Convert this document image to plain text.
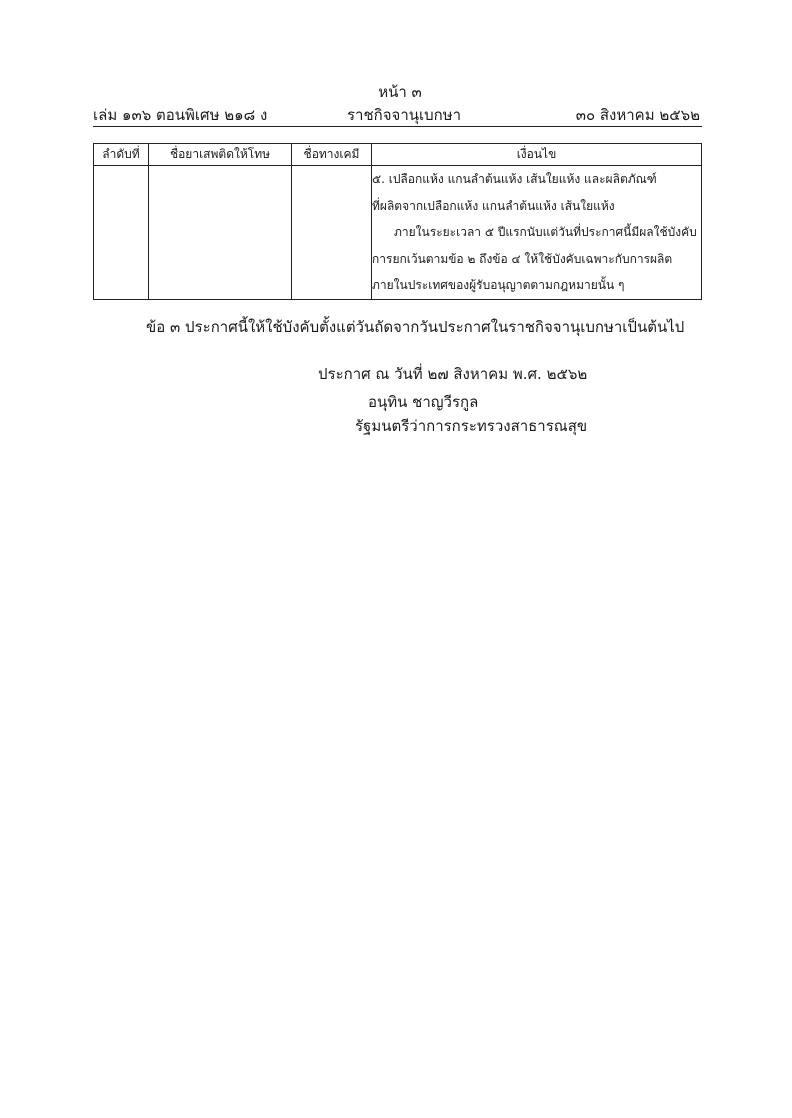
หน้า ๓
เล่ม ๑๓๖ ตอนพิเศษ ๒๑๘ ง	ราชกิจจานุเบกษา	๓๐ สิงหาคม ๒๕๖๒
ลำดับที่	ชื่อยาเสพติดให้โทษ	ชื่อทางเคมี	เงื่อนไข

			๕. เปลือกแห้ง แกนลำต้นแห้ง เส้นใยแห้ง และผลิตภัณฑ์

ที่ผลิตจากเปลือกแห้ง แกนลำต้นแห้ง เส้นใยแห้ง

ภายในระยะเวลา ๕ ปีแรกนับแต่วันที่ประกาศนี้มีผลใช้บังคับ

การยกเว้นตามข้อ ๒ ถึงข้อ ๔ ให้ใช้บังคับเฉพาะกับการผลิต

ภายในประเทศของผู้รับอนุญาตตามกฎหมายนั้น ๆ

ข้อ ๓ ประกาศนี้ให้ใช้บังคับตั้งแต่วันถัดจากวันประกาศในราชกิจจานุเบกษาเป็นต้นไป
ประกาศ ณ วันที่ ๒๗ สิงหาคม พ.ศ. ๒๕๖๒
อนุทิน ชาญวีรกูล
รัฐมนตรีว่าการกระทรวงสาธารณสุข
